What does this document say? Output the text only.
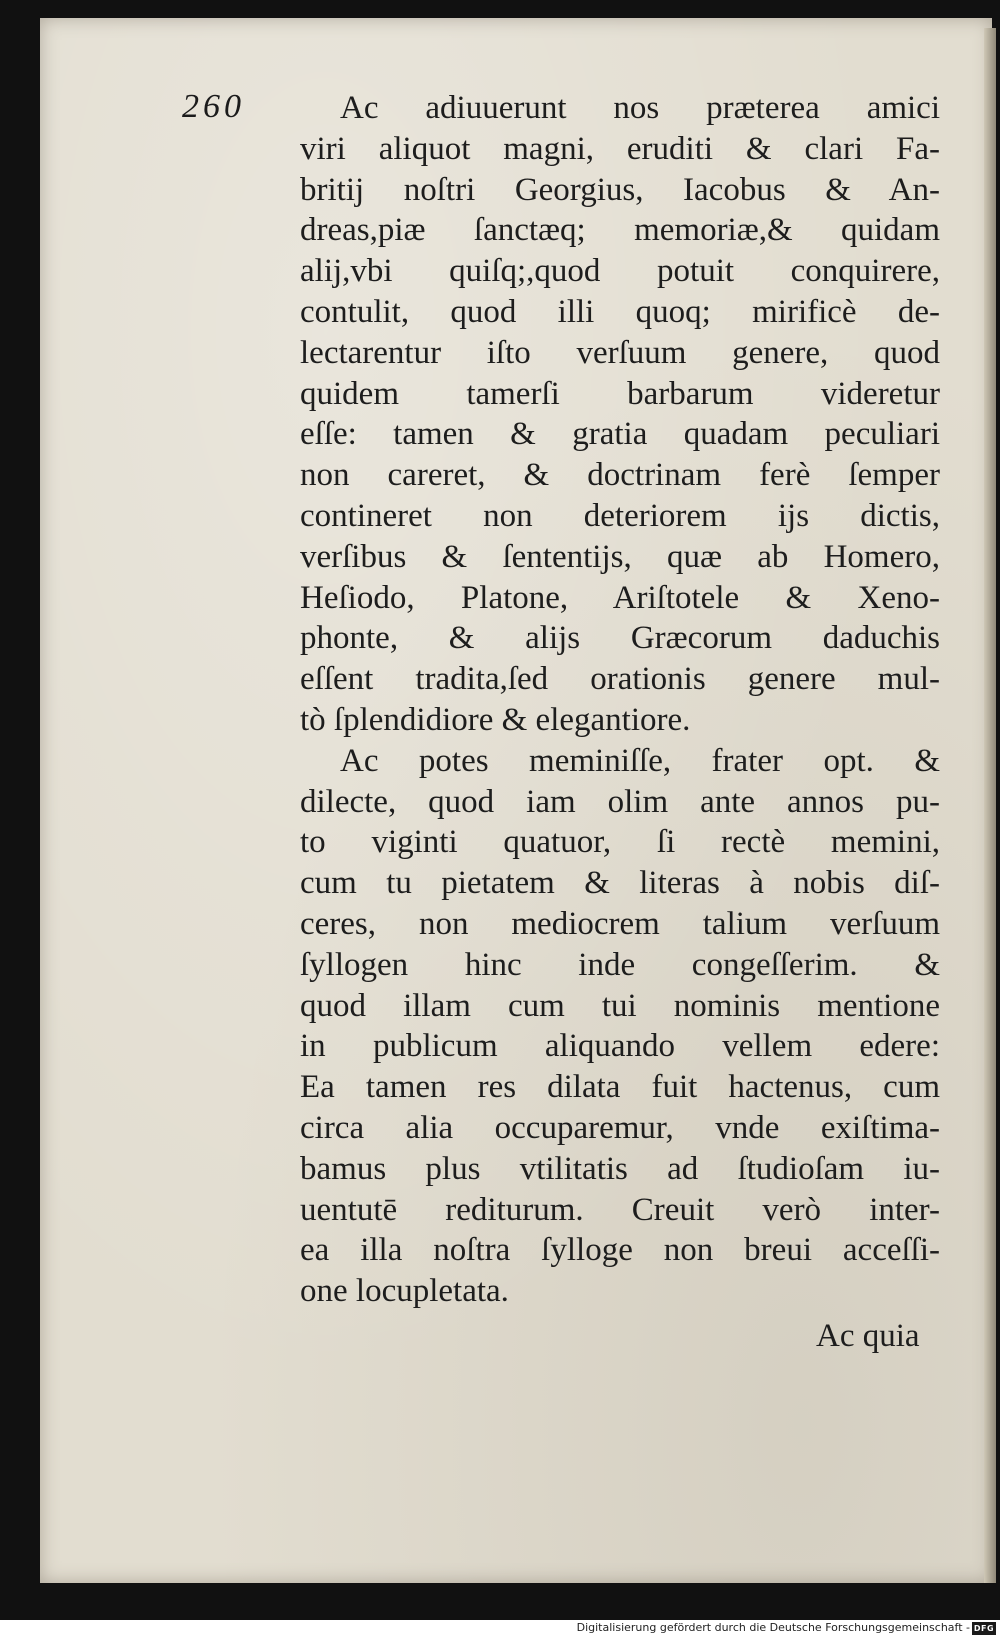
260	Ac adiuuerunt nos præterea amici
viri aliquot magni, eruditi & clari Fa-
britij noſtri Georgius, Iacobus & An-
dreas,piæ ſanctæq; memoriæ,& quidam
alij,vbi quiſq;,quod potuit conquirere,
contulit, quod illi quoq; mirificè de-
lectarentur iſto verſuum genere, quod
quidem tamerſi barbarum videretur
eſſe: tamen & gratia quadam peculiari
non careret, & doctrinam ferè ſemper
contineret non deteriorem ijs dictis,
verſibus & ſententijs, quæ ab Homero,
Heſiodo, Platone, Ariſtotele & Xeno-
phonte, & alijs Græcorum daduchis
eſſent tradita,ſed orationis genere mul-
tò ſplendidiore & elegantiore.
Ac potes meminiſſe, frater opt. &
dilecte, quod iam olim ante annos pu-
to viginti quatuor, ſi rectè memini,
cum tu pietatem & literas à nobis diſ-
ceres, non mediocrem talium verſuum
ſyllogen hinc inde congeſſerim. &
quod illam cum tui nominis mentione
in publicum aliquando vellem edere:
Ea tamen res dilata fuit hactenus, cum
circa alia occuparemur, vnde exiſtima-
bamus plus vtilitatis ad ſtudioſam iu-
uentutē rediturum. Creuit verò inter-
ea illa noſtra ſylloge non breui acceſſi-
one locupletata.
Ac quia
Digitalisierung gefördert durch die Deutsche Forschungsgemeinschaft - DFG
